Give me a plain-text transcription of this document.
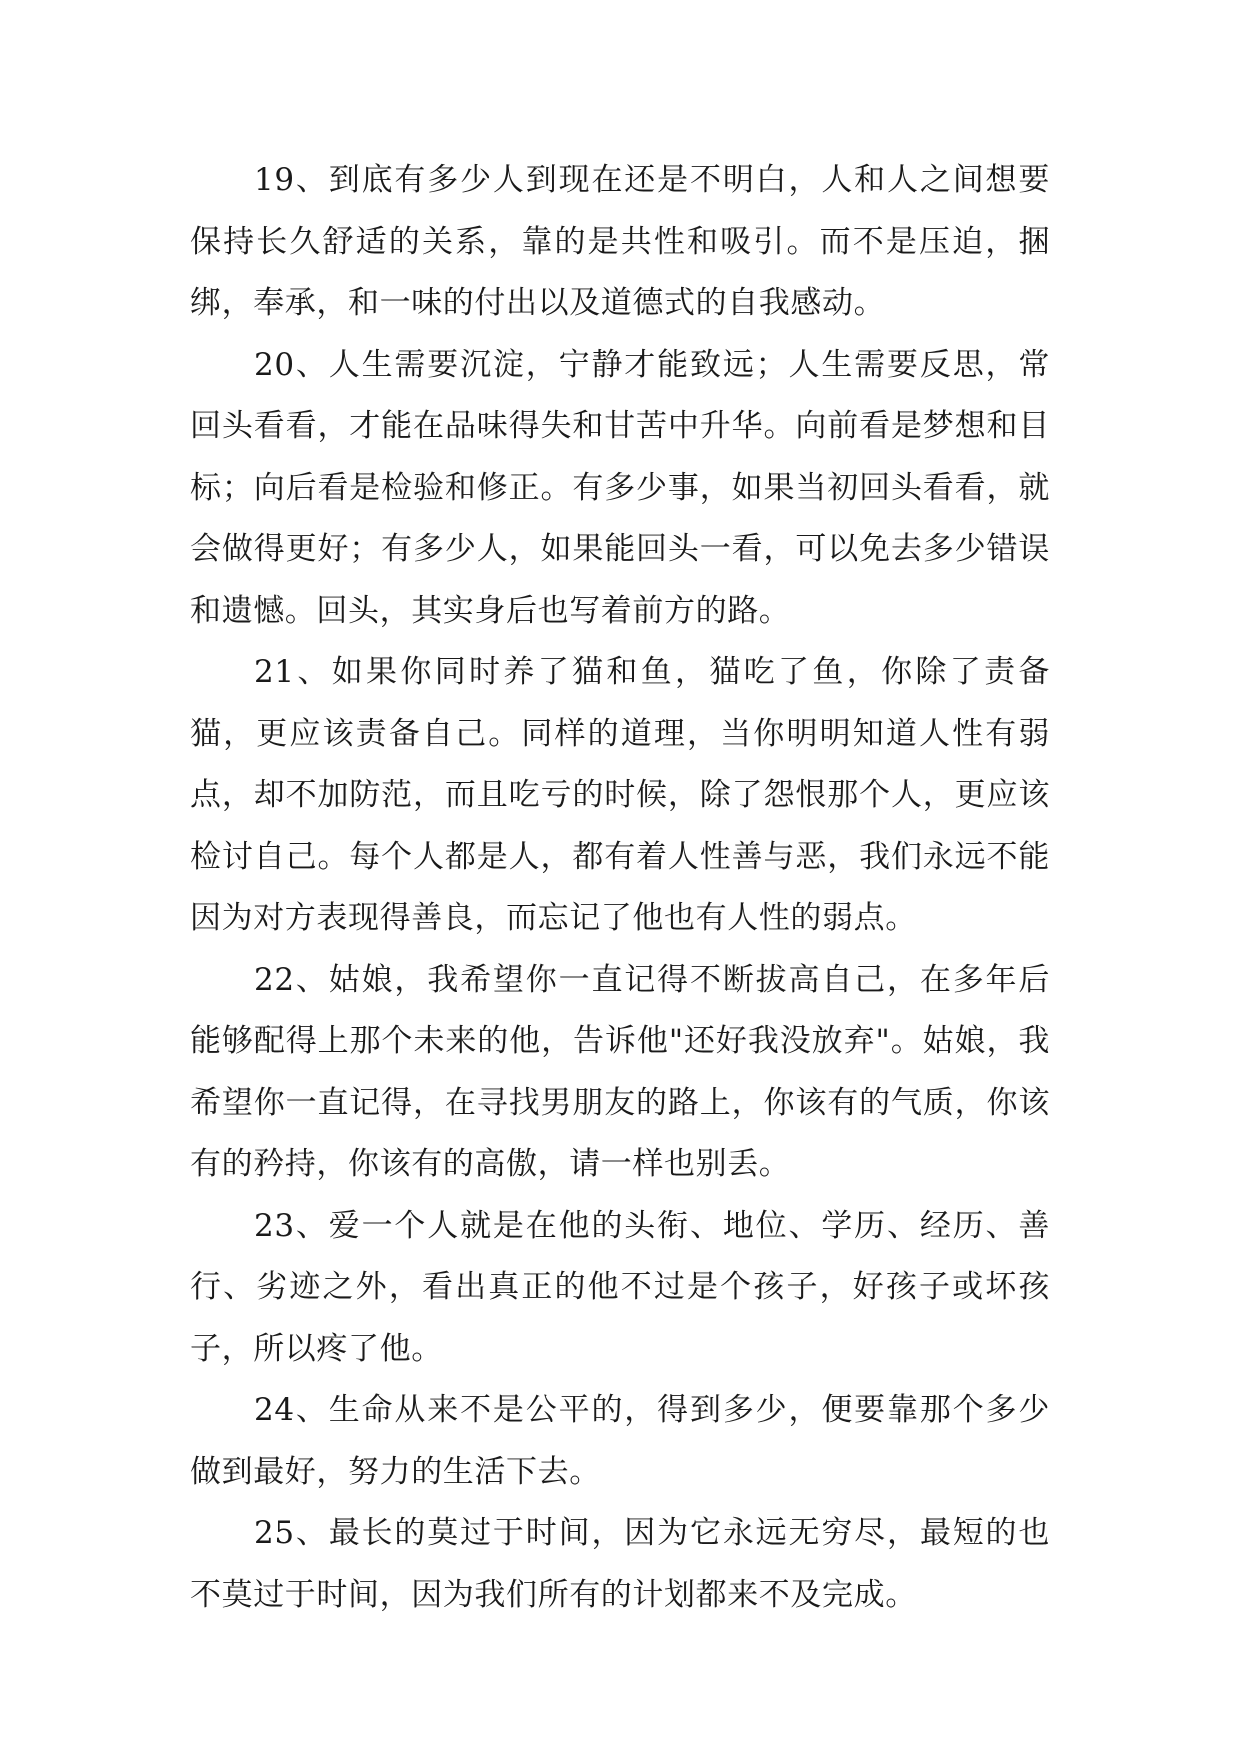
19、到底有多少人到现在还是不明白，人和人之间想要保持长久舒适的关系，靠的是共性和吸引。而不是压迫，捆绑，奉承，和一味的付出以及道德式的自我感动。

20、人生需要沉淀，宁静才能致远；人生需要反思，常回头看看，才能在品味得失和甘苦中升华。向前看是梦想和目标；向后看是检验和修正。有多少事，如果当初回头看看，就会做得更好；有多少人，如果能回头一看，可以免去多少错误和遗憾。回头，其实身后也写着前方的路。

21、如果你同时养了猫和鱼，猫吃了鱼，你除了责备猫，更应该责备自己。同样的道理，当你明明知道人性有弱点，却不加防范，而且吃亏的时候，除了怨恨那个人，更应该检讨自己。每个人都是人，都有着人性善与恶，我们永远不能因为对方表现得善良，而忘记了他也有人性的弱点。

22、姑娘，我希望你一直记得不断拔高自己，在多年后能够配得上那个未来的他，告诉他"还好我没放弃"。姑娘，我希望你一直记得，在寻找男朋友的路上，你该有的气质，你该有的矜持，你该有的高傲，请一样也别丢。

23、爱一个人就是在他的头衔、地位、学历、经历、善行、劣迹之外，看出真正的他不过是个孩子，好孩子或坏孩子，所以疼了他。

24、生命从来不是公平的，得到多少，便要靠那个多少做到最好，努力的生活下去。

25、最长的莫过于时间，因为它永远无穷尽，最短的也不莫过于时间，因为我们所有的计划都来不及完成。
